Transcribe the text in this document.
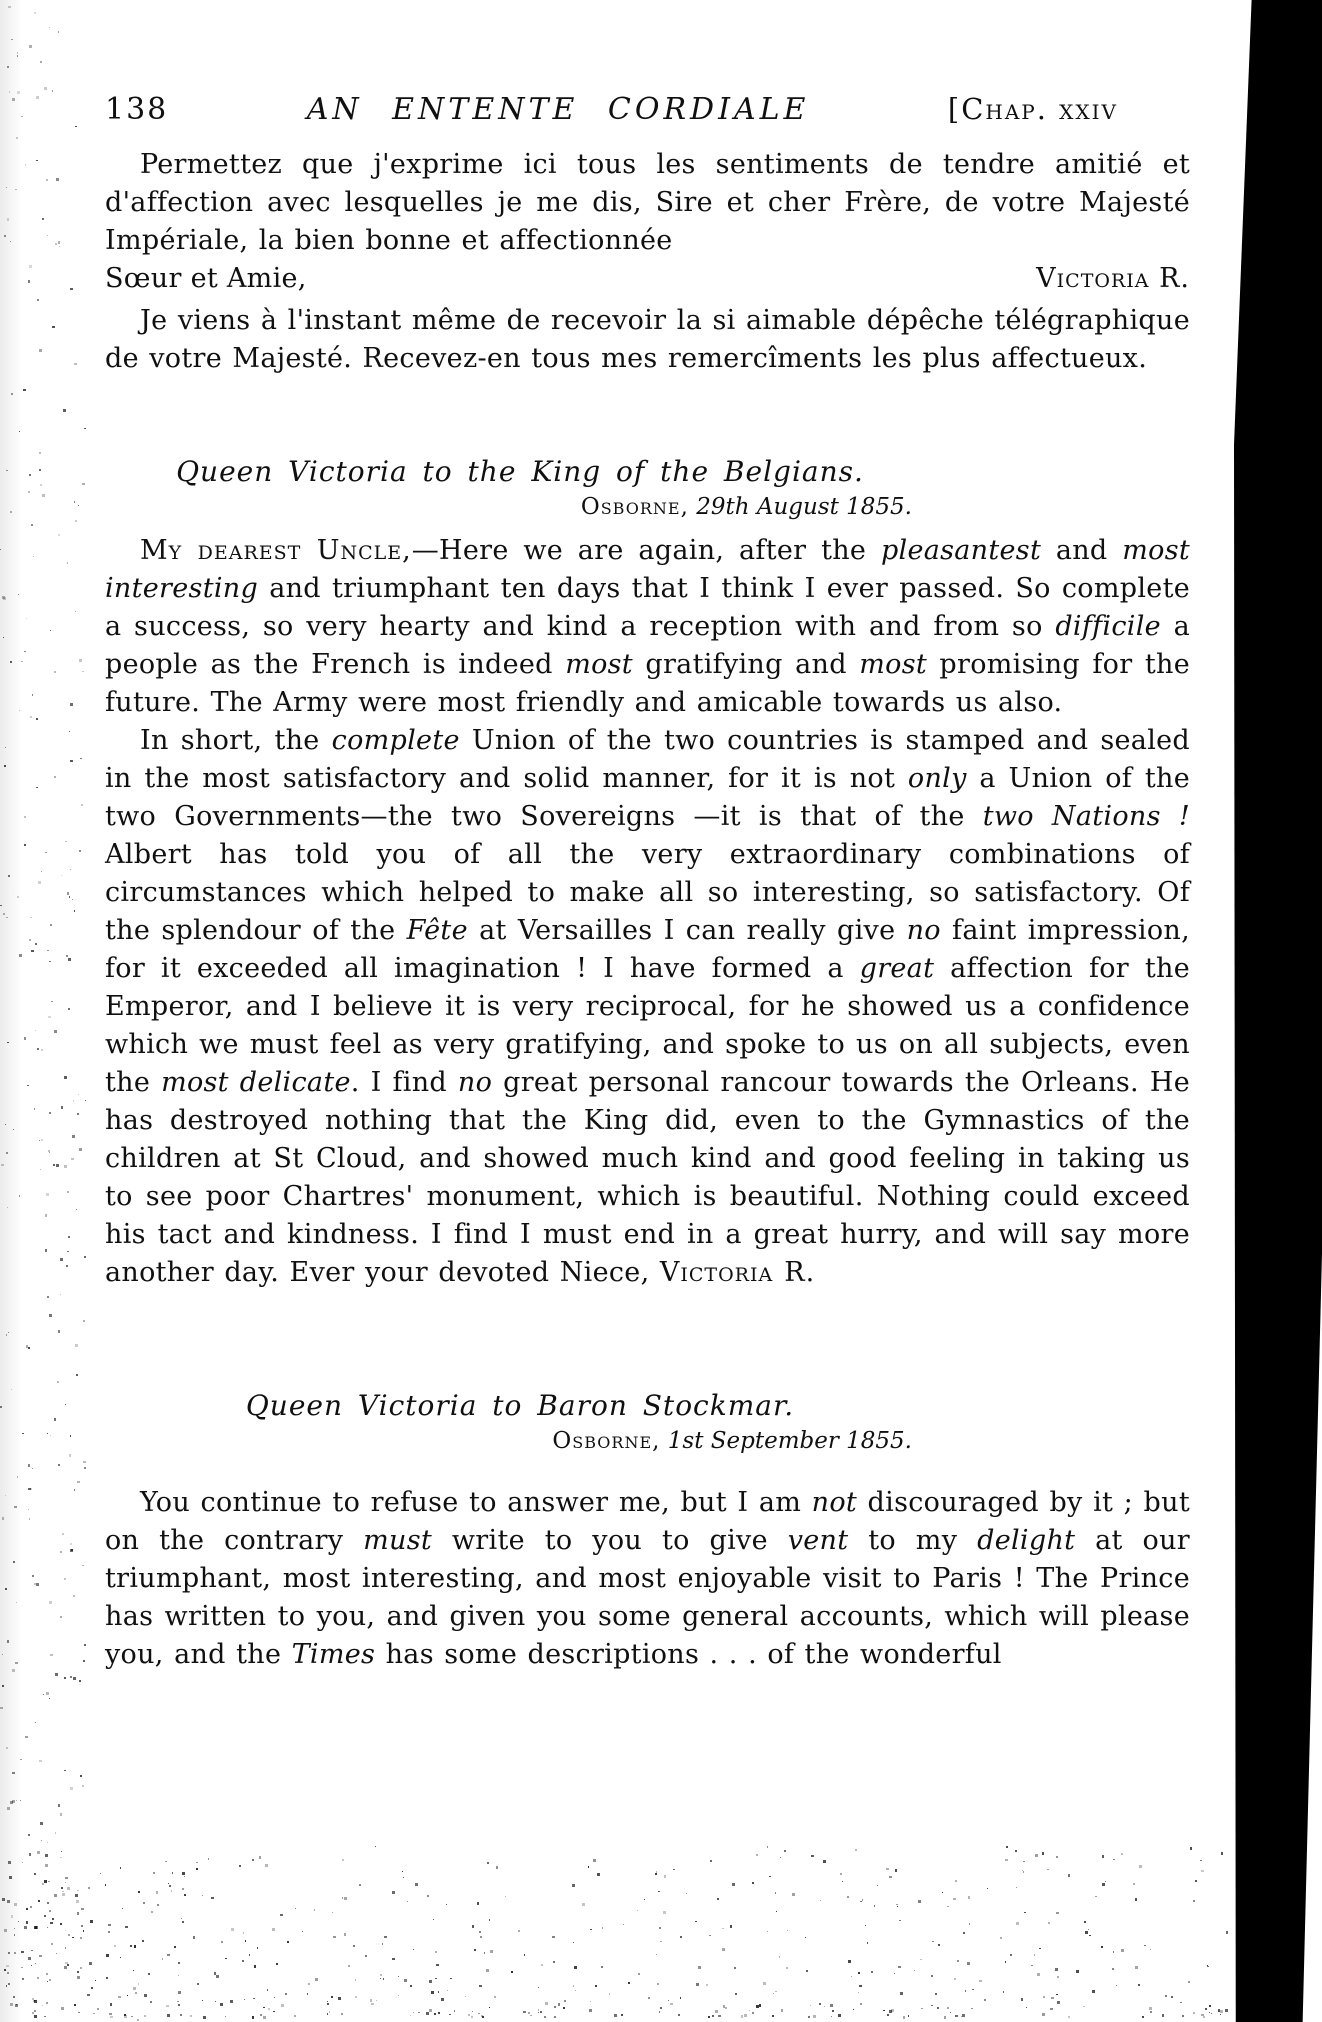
138	AN ENTENTE CORDIALE	[Chap. xxiv

Permettez que j'exprime ici tous les sentiments de tendre amitié et d'affection avec lesquelles je me dis, Sire et cher Frère, de votre Majesté Impériale, la bien bonne et affectionnée

Sœur et Amie,	Victoria R.

Je viens à l'instant même de recevoir la si aimable dépêche télégraphique de votre Majesté. Recevez-en tous mes remercîments les plus affectueux.

Queen Victoria to the King of the Belgians.
Osborne, 29th August 1855.

My dearest Uncle,—Here we are again, after the pleasantest and most interesting and triumphant ten days that I think I ever passed. So complete a success, so very hearty and kind a reception with and from so difficile a people as the French is indeed most gratifying and most promising for the future. The Army were most friendly and amicable towards us also.

In short, the complete Union of the two countries is stamped and sealed in the most satisfactory and solid manner, for it is not only a Union of the two Governments—the two Sovereigns —it is that of the two Nations ! Albert has told you of all the very extraordinary combinations of circumstances which helped to make all so interesting, so satisfactory. Of the splendour of the Fête at Versailles I can really give no faint impression, for it exceeded all imagination ! I have formed a great affection for the Emperor, and I believe it is very reciprocal, for he showed us a confidence which we must feel as very gratifying, and spoke to us on all subjects, even the most delicate. I find no great personal rancour towards the Orleans. He has destroyed nothing that the King did, even to the Gymnastics of the children at St Cloud, and showed much kind and good feeling in taking us to see poor Chartres' monument, which is beautiful. Nothing could exceed his tact and kindness. I find I must end in a great hurry, and will say more another day. Ever your devoted Niece, Victoria R.

Queen Victoria to Baron Stockmar.
Osborne, 1st September 1855.

You continue to refuse to answer me, but I am not discouraged by it ; but on the contrary must write to you to give vent to my delight at our triumphant, most interesting, and most enjoyable visit to Paris ! The Prince has written to you, and given you some general accounts, which will please you, and the Times has some descriptions . . . of the wonderful
